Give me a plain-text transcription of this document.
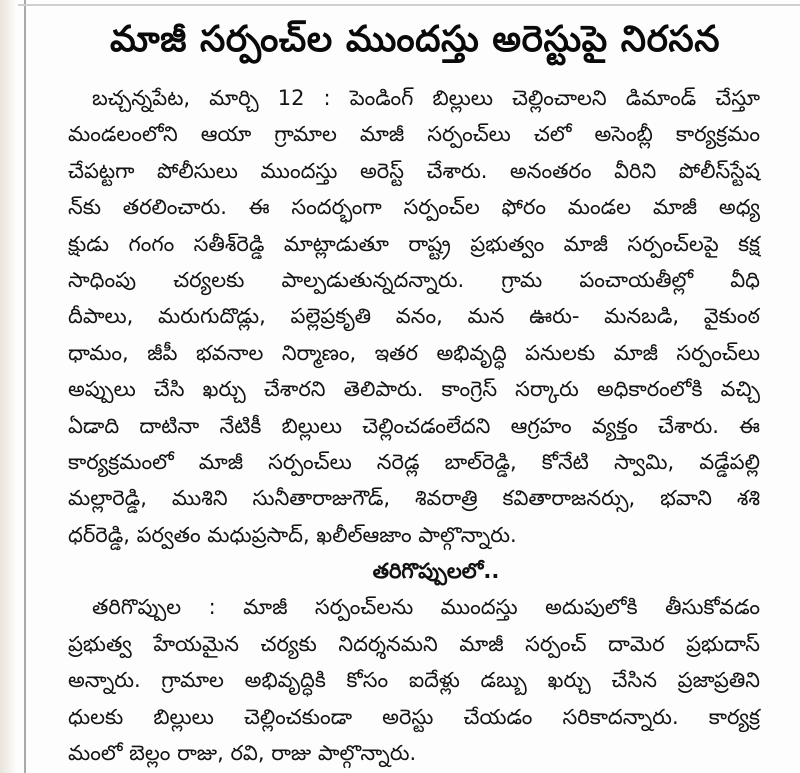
మాజీ సర్పంచ్‌ల ముందస్తు అరెస్టుపై నిరసన
బచ్చన్నపేట, మార్చి 12 : పెండింగ్ బిల్లులు చెల్లించాలని డిమాండ్ చేస్తూ
మండలంలోని ఆయా గ్రామాల మాజీ సర్పంచ్‌లు చలో అసెంబ్లీ కార్యక్రమం
చేపట్టగా పోలీసులు ముందస్తు అరెస్ట్ చేశారు. అనంతరం వీరిని పోలీస్‌స్టేష
న్‌కు తరలించారు. ఈ సందర్భంగా సర్పంచ్‌ల ఫోరం మండల మాజీ అధ్య
క్షుడు గంగం సతీశ్‌రెడ్డి మాట్లాడుతూ రాష్ట్ర ప్రభుత్వం మాజీ సర్పంచ్‌లపై కక్ష
సాధింపు చర్యలకు పాల్పడుతున్నదన్నారు. గ్రామ పంచాయతీల్లో వీధి
దీపాలు, మరుగుదొడ్లు, పల్లెప్రకృతి వనం, మన ఊరు- మనబడి, వైకుంఠ
ధామం, జీపీ భవనాల నిర్మాణం, ఇతర అభివృద్ధి పనులకు మాజీ సర్పంచ్‌లు
అప్పులు చేసి ఖర్చు చేశారని తెలిపారు. కాంగ్రెస్ సర్కారు అధికారంలోకి వచ్చి
ఏడాది దాటినా నేటికీ బిల్లులు చెల్లించడంలేదని ఆగ్రహం వ్యక్తం చేశారు. ఈ
కార్యక్రమంలో మాజీ సర్పంచ్‌లు నరెడ్ల బాల్‌రెడ్డి, కోనేటి స్వామి, వడ్డేపల్లి
మల్లారెడ్డి, ముశిని సునీతారాజుగౌడ్, శివరాత్రి కవితారాజనర్సు, భవాని శశి
ధర్‌రెడ్డి, పర్వతం మధుప్రసాద్, ఖలీల్‌ఆజాం పాల్గొన్నారు.
తరిగొప్పులలో..
తరిగొప్పుల : మాజీ సర్పంచ్‌లను ముందస్తు అదుపులోకి తీసుకోవడం
ప్రభుత్వ హేయమైన చర్యకు నిదర్శనమని మాజీ సర్పంచ్ దామెర ప్రభుదాస్
అన్నారు. గ్రామాల అభివృద్ధికి కోసం ఐదేళ్లు డబ్బు ఖర్చు చేసిన ప్రజాప్రతిని
ధులకు బిల్లులు చెల్లించకుండా అరెస్టు చేయడం సరికాదన్నారు. కార్యక్ర
మంలో బెల్లం రాజు, రవి, రాజు పాల్గొన్నారు.
